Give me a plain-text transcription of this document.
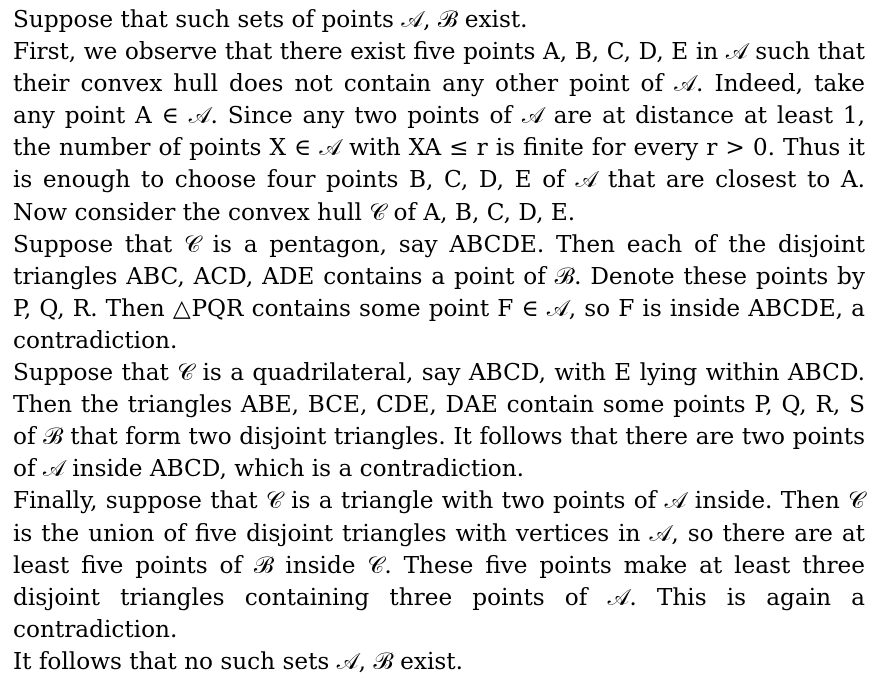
Suppose that such sets of points 𝒜, ℬ exist.

First, we observe that there exist five points A, B, C, D, E in 𝒜 such that their convex hull does not contain any other point of 𝒜. Indeed, take any point A ∈ 𝒜. Since any two points of 𝒜 are at distance at least 1, the number of points X ∈ 𝒜 with XA ≤ r is finite for every r > 0. Thus it is enough to choose four points B, C, D, E of 𝒜 that are closest to A. Now consider the convex hull 𝒞 of A, B, C, D, E.

Suppose that 𝒞 is a pentagon, say ABCDE. Then each of the disjoint triangles ABC, ACD, ADE contains a point of ℬ. Denote these points by P, Q, R. Then △PQR contains some point F ∈ 𝒜, so F is inside ABCDE, a contradiction.

Suppose that 𝒞 is a quadrilateral, say ABCD, with E lying within ABCD. Then the triangles ABE, BCE, CDE, DAE contain some points P, Q, R, S of ℬ that form two disjoint triangles. It follows that there are two points of 𝒜 inside ABCD, which is a contradiction.

Finally, suppose that 𝒞 is a triangle with two points of 𝒜 inside. Then 𝒞 is the union of five disjoint triangles with vertices in 𝒜, so there are at least five points of ℬ inside 𝒞. These five points make at least three disjoint triangles containing three points of 𝒜. This is again a contradiction.

It follows that no such sets 𝒜, ℬ exist.
